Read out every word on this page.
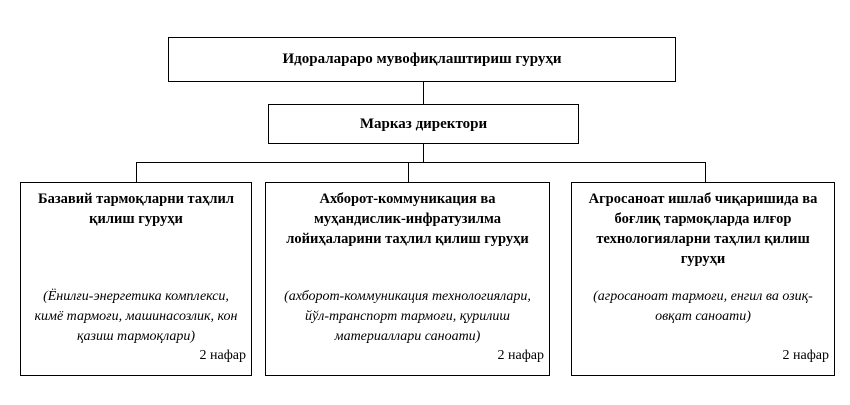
Идоралараро мувофиқлаштириш гуруҳи
Марказ директори
Базавий тармоқларни таҳлил қилиш гуруҳи
(Ёнилғи-энергетика комплекси, кимё тармоғи, машинасозлик, кон қазиш тармоқлари)
2 нафар
Ахборот-коммуникация ва муҳандислик-инфратузилма лойиҳаларини таҳлил қилиш гуруҳи
(ахборот-коммуникация технологиялари, йўл-транспорт тармоғи, қурилиш материаллари саноати)
2 нафар
Агросаноат ишлаб чиқаришида ва боғлиқ тармоқларда илғор технологияларни таҳлил қилиш гуруҳи
(агросаноат тармоғи, енгил ва озиқ-овқат саноати)
2 нафар
